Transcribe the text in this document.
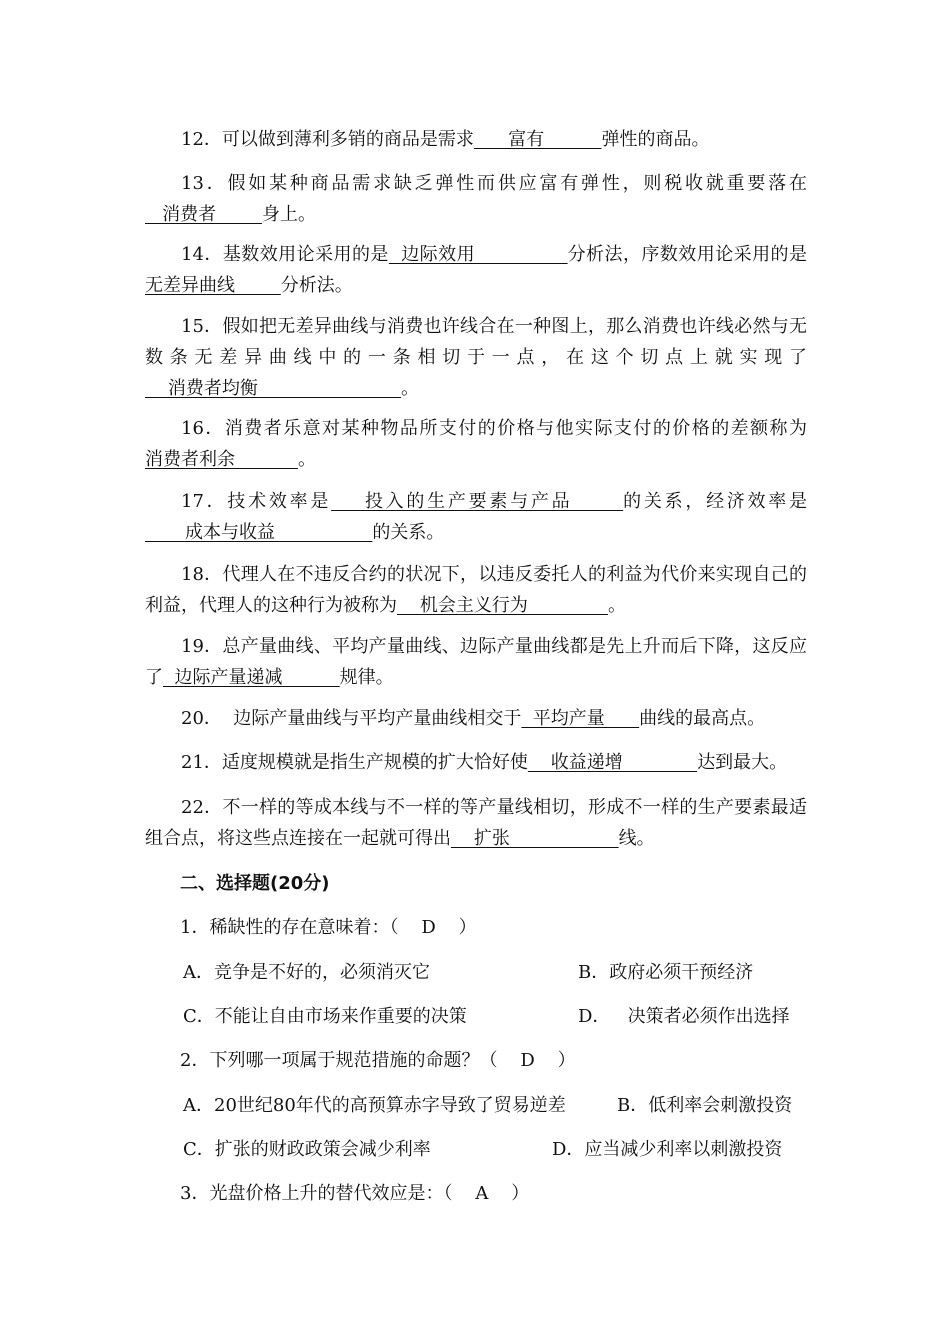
12．可以做到薄利多销的商品是需求      富有          弹性的商品。
13．假如某种商品需求缺乏弹性而供应富有弹性，则税收就重要落在   消费者        身上。
14．基数效用论采用的是  边际效用               分析法，序数效用论采用的是无差异曲线        分析法。
15．假如把无差异曲线与消费也许线合在一种图上，那么消费也许线必然与无数条无差异曲线中的一条相切于一点，在这个切点上就实现了    消费者均衡                         。
16．消费者乐意对某种物品所支付的价格与他实际支付的价格的差额称为消费者利余           。
17．技术效率是    投入的生产要素与产品      的关系，经济效率是       成本与收益                 的关系。
18．代理人在不违反合约的状况下，以违反委托人的利益为代价来实现自己的利益，代理人的这种行为被称为    机会主义行为              。
19．总产量曲线、平均产量曲线、边际产量曲线都是先上升而后下降，这反应了  边际产量递减          规律。
20．  边际产量曲线与平均产量曲线相交于  平均产量      曲线的最高点。
21．适度规模就是指生产规模的扩大恰好使    收益递增             达到最大。
22．不一样的等成本线与不一样的等产量线相切，形成不一样的生产要素最适组合点，将这些点连接在一起就可得出    扩张                   线。
二、选择题(20分)
1．稀缺性的存在意味着：（    D    ）
A．竞争是不好的，必须消灭它	B．政府必须干预经济
C．不能让自由市场来作重要的决策	D．   决策者必须作出选择
2．下列哪一项属于规范措施的命题？（    D    ）
A．20世纪80年代的高预算赤字导致了贸易逆差	B．低利率会刺激投资
C．扩张的财政政策会减少利率	D．应当减少利率以刺激投资
3．光盘价格上升的替代效应是：（    A    ）
